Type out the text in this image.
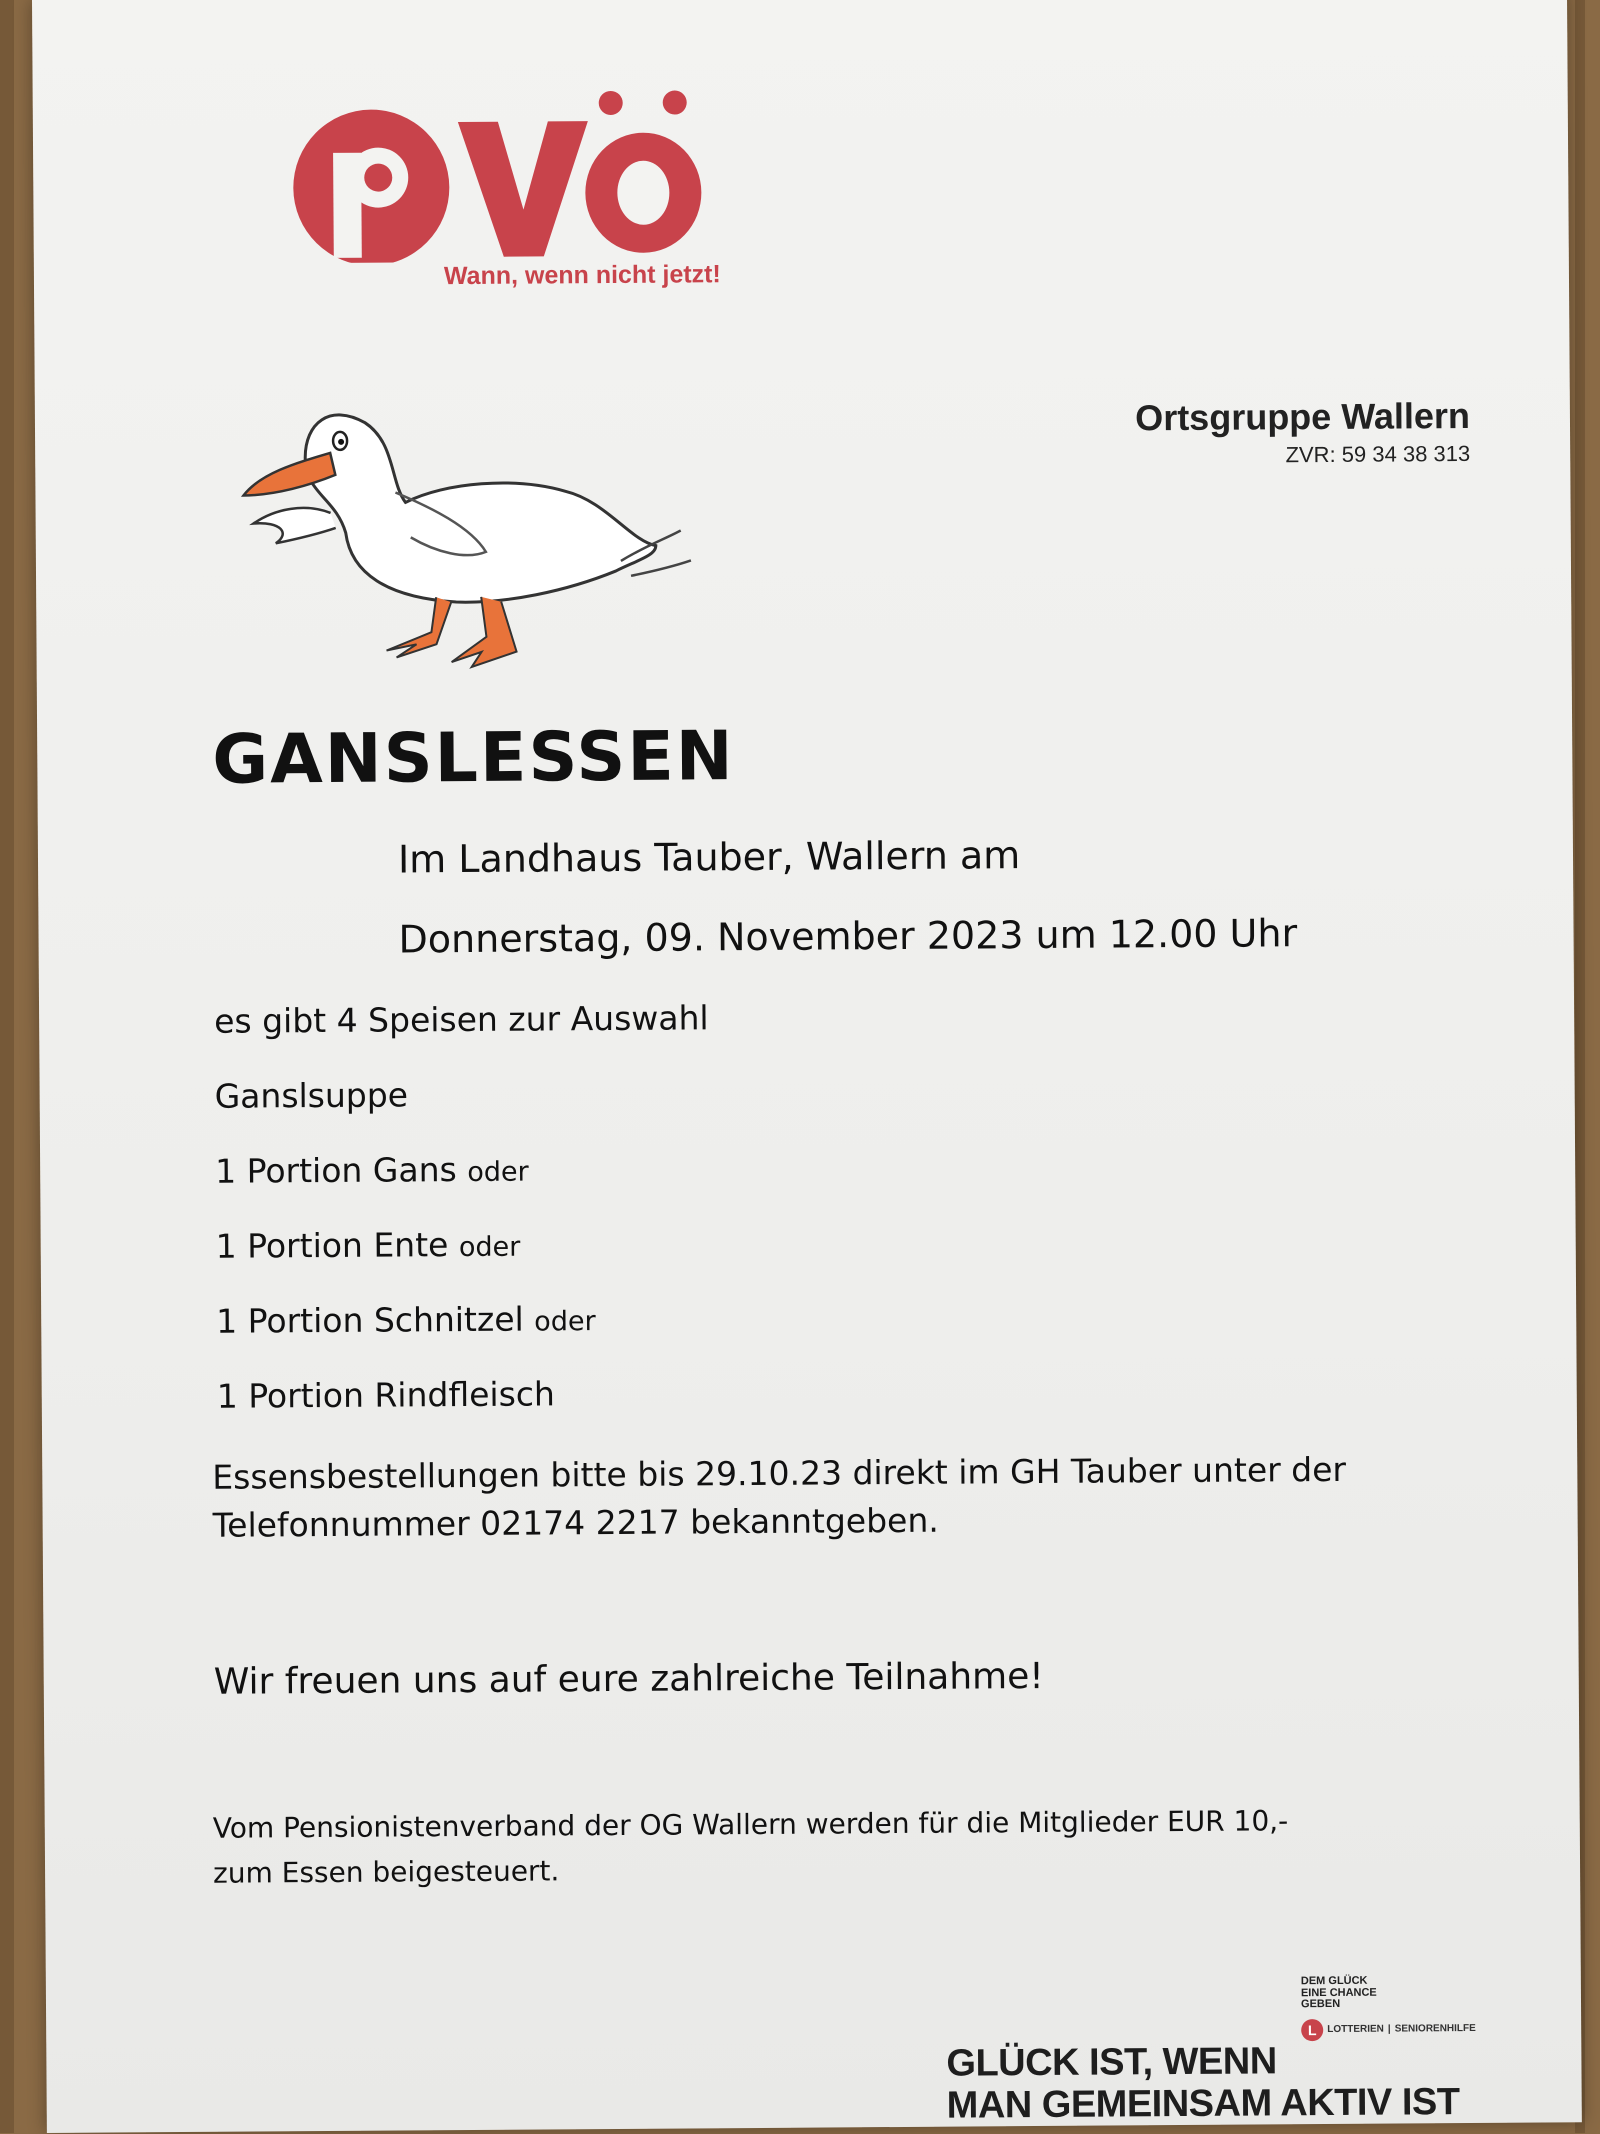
Wann, wenn nicht jetzt!
Ortsgruppe Wallern
ZVR: 59 34 38 313
GANSLESSEN
Im Landhaus Tauber, Wallern am
Donnerstag, 09. November 2023 um 12.00 Uhr
es gibt 4 Speisen zur Auswahl
Ganslsuppe
1 Portion Gans oder
1 Portion Ente oder
1 Portion Schnitzel oder
1 Portion Rindfleisch
Essensbestellungen bitte bis 29.10.23 direkt im GH Tauber unter der Telefonnummer 02174 2217 bekanntgeben.
Wir freuen uns auf eure zahlreiche Teilnahme!
Vom Pensionistenverband der OG Wallern werden für die Mitglieder EUR 10,- zum Essen beigesteuert.
DEM GLÜCK
EINE CHANCE
GEBEN
L	LOTTERIEN | SENIORENHILFE
GLÜCK IST, WENN
MAN GEMEINSAM AKTIV IST
